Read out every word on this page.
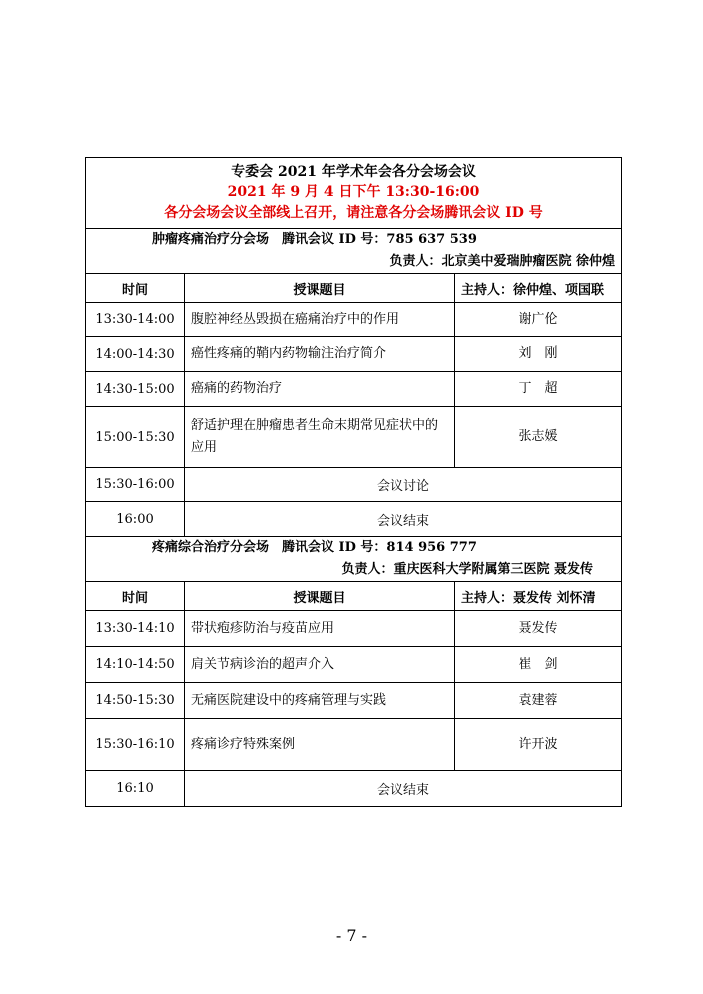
专委会 2021 年学术年会各分会场会议
2021 年 9 月 4 日下午 13:30-16:00
各分会场会议全部线上召开，请注意各分会场腾讯会议 ID 号		

肿瘤疼痛治疗分会场　腾讯会议 ID 号：785 637 539
负责人：北京美中爱瑞肿瘤医院 徐仲煌		

时间	授课题目	主持人：徐仲煌、项国联
13:30-14:00	腹腔神经丛毁损在癌痛治疗中的作用	谢广伦
14:00-14:30	癌性疼痛的鞘内药物输注治疗简介	刘　刚
14:30-15:00	癌痛的药物治疗	丁　超
15:00-15:30	舒适护理在肿瘤患者生命末期常见症状中的应用	张志媛
15:30-16:00	会议讨论	
16:00	会议结束	

疼痛综合治疗分会场　腾讯会议 ID 号：814 956 777
负责人：重庆医科大学附属第三医院 聂发传		

时间	授课题目	主持人：聂发传 刘怀清
13:30-14:10	带状疱疹防治与疫苗应用	聂发传
14:10-14:50	肩关节病诊治的超声介入	崔　剑
14:50-15:30	无痛医院建设中的疼痛管理与实践	袁建蓉
15:30-16:10	疼痛诊疗特殊案例	许开波
16:10	会议结束	
- 7 -
